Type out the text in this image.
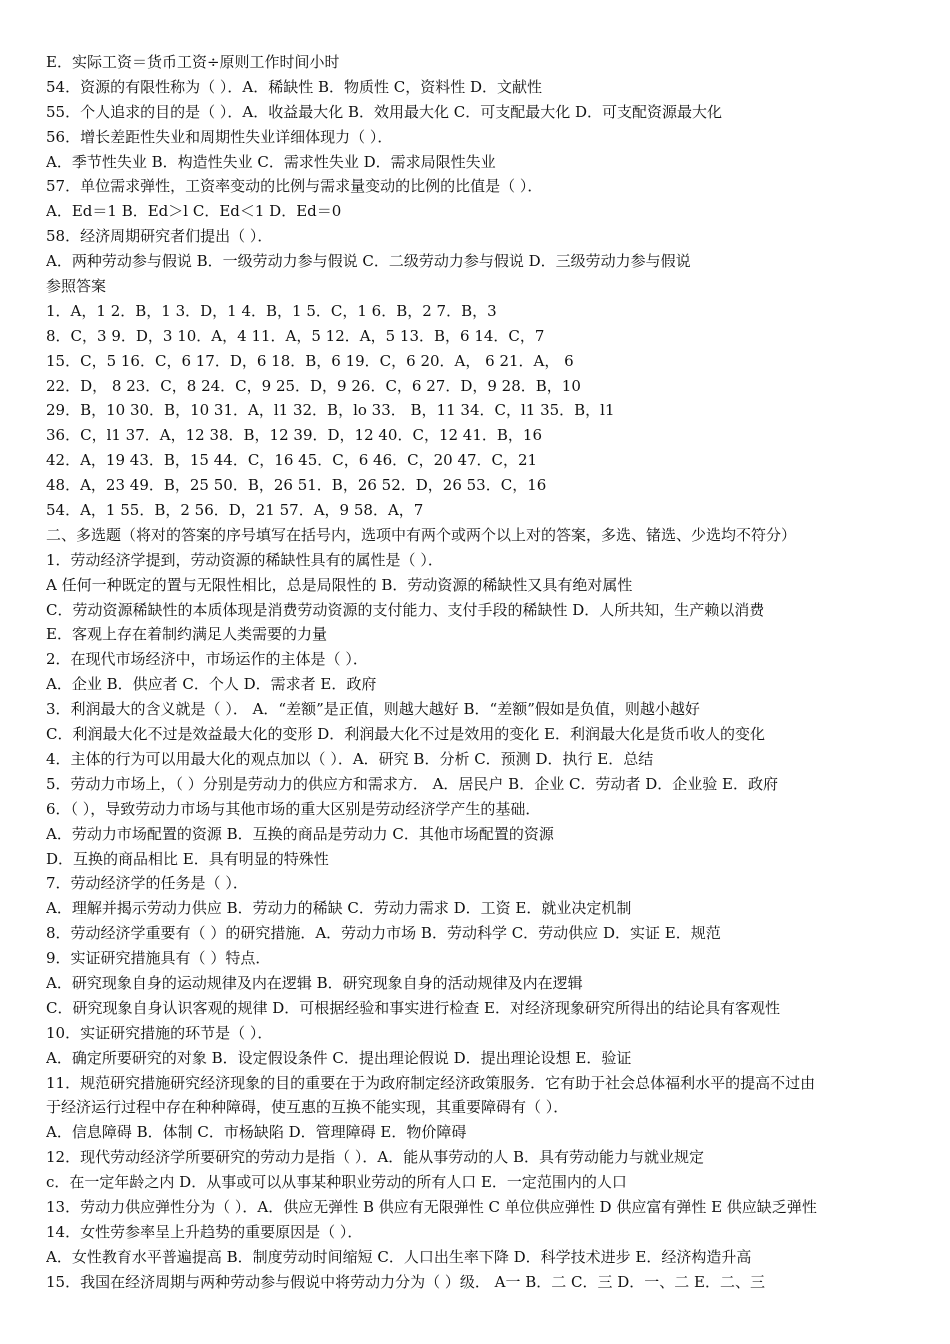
E．实际工资＝货币工资÷原则工作时间小时
54．资源的有限性称为（ ）．A．稀缺性 B．物质性 C，资料性 D．文献性
55．个人追求的目的是（ ）．A．收益最大化 B．效用最大化 C．可支配最大化 D．可支配资源最大化
56．增长差距性失业和周期性失业详细体现力（ ）．
A．季节性失业 B．构造性失业 C．需求性失业 D．需求局限性失业
57．单位需求弹性，工资率变动的比例与需求量变动的比例的比值是（ ）．
A．Ed＝1 B．Ed＞l C．Ed＜1 D．Ed＝0
58．经济周期研究者们提出（ ）．
A．两种劳动参与假说 B．一级劳动力参与假说 C．二级劳动力参与假说 D．三级劳动力参与假说
参照答案
1．A，1 2．B，1 3．D，1 4．B，1 5．C，1 6．B，2 7．B，3
8．C，3 9．D，3 10．A，4 11．A，5 12．A，5 13．B，6 14．C，7
15．C，5 16．C，6 17．D，6 18．B，6 19．C，6 20．A， 6 21．A， 6
22．D， 8 23．C，8 24．C，9 25．D，9 26．C，6 27．D，9 28．B，10
29．B，10 30．B，10 31．A，l1 32．B，lo 33． B，11 34．C，l1 35．B，l1
36．C，l1 37．A，12 38．B，12 39．D，12 40．C，12 41．B，16
42．A，19 43．B，15 44．C，16 45．C，6 46．C，20 47．C，21
48．A，23 49．B，25 50．B，26 51．B，26 52．D，26 53．C，16
54．A，1 55．B，2 56．D，21 57．A，9 58．A，7
二、多选题（将对的答案的序号填写在括号内，选项中有两个或两个以上对的答案，多选、锗选、少选均不符分）
1．劳动经济学提到，劳动资源的稀缺性具有的属性是（ ）．
A 任何一种既定的置与无限性相比，总是局限性的 B．劳动资源的稀缺性又具有绝对属性
C．劳动资源稀缺性的本质体现是消费劳动资源的支付能力、支付手段的稀缺性 D．人所共知，生产赖以消费
E．客观上存在着制约满足人类需要的力量
2．在现代市场经济中，市场运作的主体是（ ）．
A．企业 B．供应者 C．个人 D．需求者 E．政府
3．利润最大的含义就是（ ）． A．“差额”是正值，则越大越好 B．“差额”假如是负值，则越小越好
C．利润最大化不过是效益最大化的变形 D．利润最大化不过是效用的变化 E．利润最大化是货币收人的变化
4．主体的行为可以用最大化的观点加以（ ）．A．研究 B．分析 C．预测 D．执行 E．总结
5．劳动力市场上，（ ）分别是劳动力的供应方和需求方． A．居民户 B．企业 C．劳动者 D．企业验 E．政府
6．（ ），导致劳动力市场与其他市场的重大区别是劳动经济学产生的基础．
A．劳动力市场配置的资源 B．互换的商品是劳动力 C．其他市场配置的资源
D．互换的商品相比 E．具有明显的特殊性
7．劳动经济学的任务是（ ）．
A．理解并揭示劳动力供应 B．劳动力的稀缺 C．劳动力需求 D．工资 E．就业决定机制
8．劳动经济学重要有（ ）的研究措施．A．劳动力市场 B．劳动科学 C．劳动供应 D．实证 E．规范
9．实证研究措施具有（ ）特点．
A．研究现象自身的运动规律及内在逻辑 B．研究现象自身的活动规律及内在逻辑
C．研究现象自身认识客观的规律 D．可根据经验和事实进行检查 E．对经济现象研究所得出的结论具有客观性
10．实证研究措施的环节是（ ）．
A．确定所要研究的对象 B．设定假设条件 C．提出理论假说 D．提出理论设想 E．验证
11．规范研究措施研究经济现象的目的重要在于为政府制定经济政策服务．它有助于社会总体福利水平的提高不过由
于经济运行过程中存在种种障碍，使互惠的互换不能实现，其重要障碍有（ ）．
A．信息障碍 B．体制 C．市杨缺陷 D．管理障碍 E．物价障碍
12．现代劳动经济学所要研究的劳动力是指（ ）．A．能从事劳动的人 B．具有劳动能力与就业规定
c．在一定年龄之内 D．从事或可以从事某种职业劳动的所有人口 E．一定范围内的人口
13．劳动力供应弹性分为（ ）．A．供应无弹性 B 供应有无限弹性 C 单位供应弹性 D 供应富有弹性 E 供应缺乏弹性
14．女性劳参率呈上升趋势的重要原因是（ ）．
A．女性教育水平普遍提高 B．制度劳动时间缩短 C．人口出生率下降 D．科学技术进步 E．经济构造升高
15．我国在经济周期与两种劳动参与假说中将劳动力分为（ ）级． A一 B．二 C．三 D．一、二 E．二、三
